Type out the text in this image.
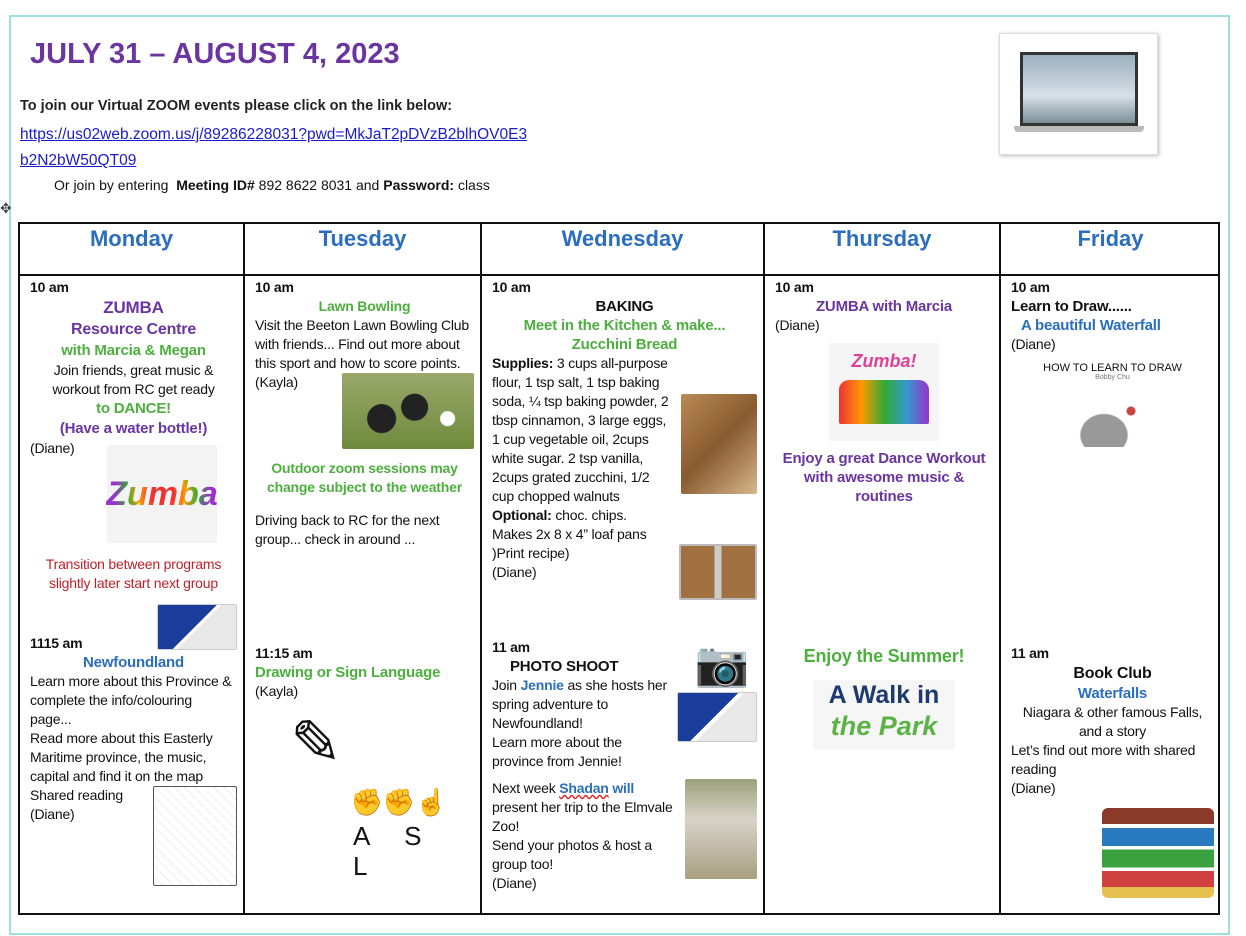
JULY 31 – AUGUST 4, 2023
To join our Virtual ZOOM events please click on the link below:
https://us02web.zoom.us/j/89286228031?pwd=MkJaT2pDVzB2blhOV0E3
b2N2bW50QT09
Or join by entering Meeting ID# 892 8622 8031 and Password: class
✥
Monday
10 am
ZUMBA
Resource Centre
with Marcia & Megan
Join friends, great music & workout from RC get ready
to DANCE!
(Have a water bottle!)
Zumba
(Diane)
Transition between programs slightly later start next group
1115 am
Newfoundland
Learn more about this Province & complete the info/colouring page...
Read more about this Easterly Maritime province, the music, capital and find it on the map
Shared reading
(Diane)
Tuesday
10 am
Lawn Bowling
Visit the Beeton Lawn Bowling Club with friends... Find out more about this sport and how to score points.
(Kayla)
Outdoor zoom sessions may change subject to the weather
Driving back to RC for the next group... check in around ...
11:15 am
Drawing or Sign Language
(Kayla)
✎
✊✊☝
A S L
Wednesday
10 am
BAKING
Meet in the Kitchen & make...
Zucchini Bread
Supplies: 3 cups all-purpose flour, 1 tsp salt, 1 tsp baking soda, ¼ tsp baking powder, 2 tbsp cinnamon, 3 large eggs, 1 cup vegetable oil, 2cups white sugar. 2 tsp vanilla, 2cups grated zucchini, 1/2 cup chopped walnuts
Optional: choc. chips.
Makes 2x 8 x 4” loaf pans
)Print recipe)
(Diane)
📷
11 am
PHOTO SHOOT
Join Jennie as she hosts her spring adventure to Newfoundland!
Learn more about the province from Jennie!
Next week Shadan will present her trip to the Elmvale Zoo!
Send your photos & host a group too!
(Diane)
Thursday
10 am
ZUMBA with Marcia
(Diane)
Zumba!
Enjoy a great Dance Workout with awesome music & routines
Enjoy the Summer!
A Walk in
the Park
Friday
10 am
Learn to Draw......
A beautiful Waterfall
(Diane)
HOW TO LEARN TO DRAW
Bobby Chu
11 am
Book Club
Waterfalls
Niagara & other famous Falls, and a story
Let’s find out more with shared reading
(Diane)
